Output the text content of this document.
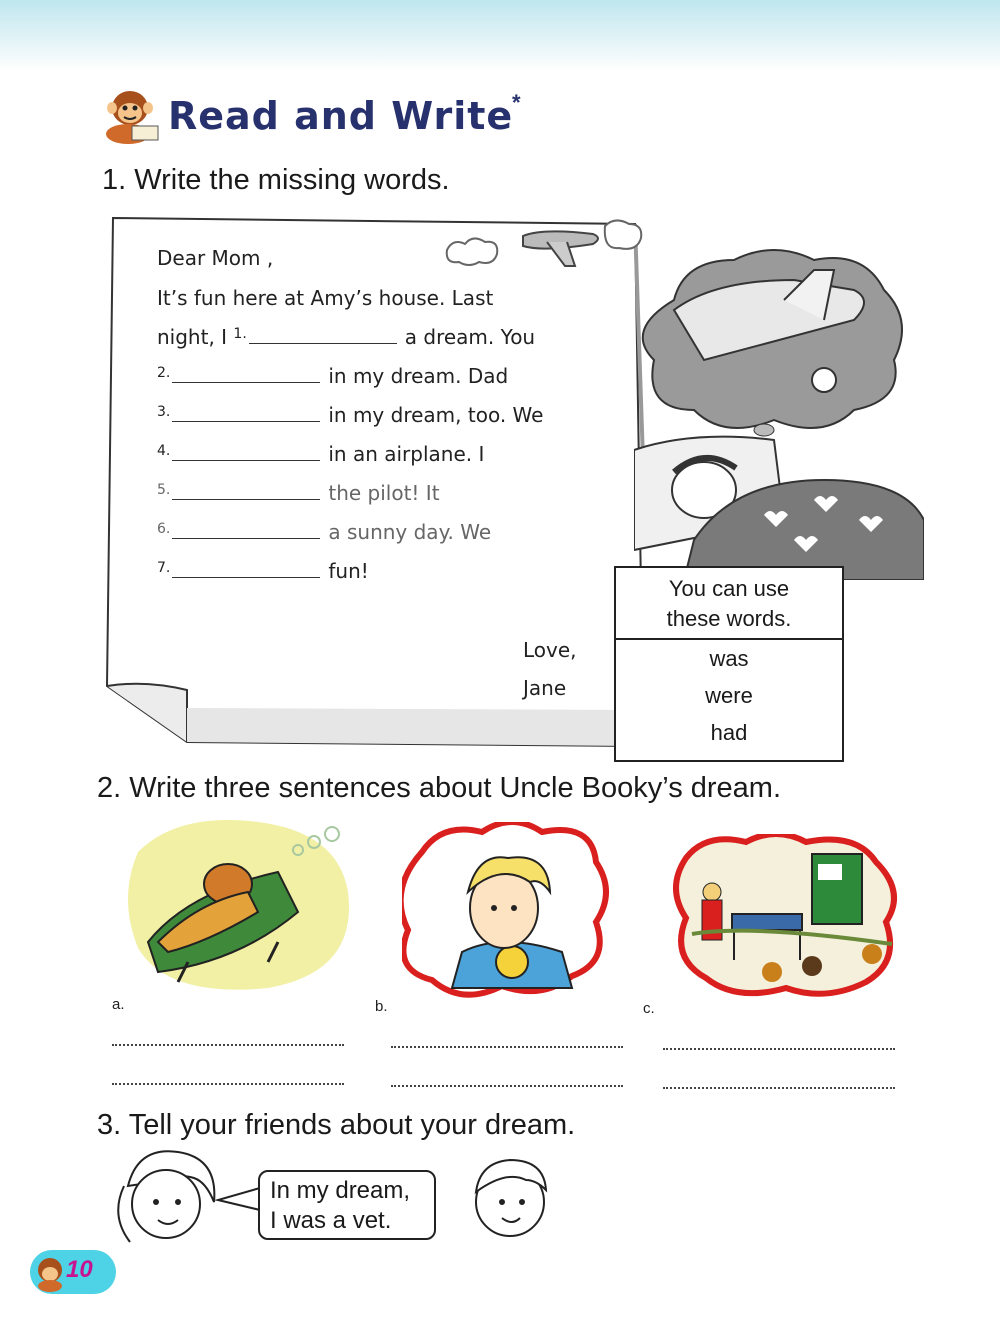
Read and Write
*
1. Write the missing words.
Dear Mom ,
It’s fun here at Amy’s house. Last
night, I $^{1.}$	a dream. You
$^{2.}$	in my dream. Dad
$^{3.}$	in my dream, too. We
$^{4.}$	in an airplane. I
$^{5.}$	the pilot! It
$^{6.}$	a sunny day. We
$^{7.}$	fun!
Love,
Jane
You can use
these words.
was
were
had
2. Write three sentences about Uncle Booky’s dream.
a.	b.	c.
3. Tell your friends about your dream.
In my dream,
I was a vet.
10
